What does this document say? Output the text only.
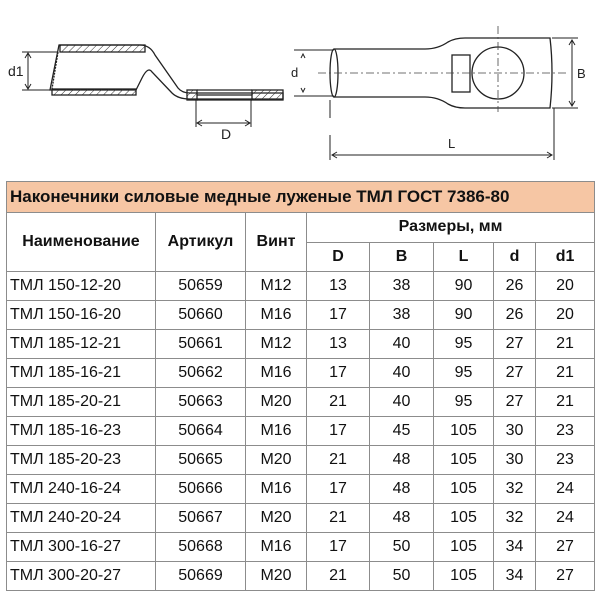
d1
D
d	B
L
Наконечники силовые медные луженые ТМЛ ГОСТ 7386-80							
Наименование	Артикул	Винт	Размеры, мм				
			D	B	L	d	d1
ТМЛ 150-12-20	50659	М12	13	38	90	26	20
ТМЛ 150-16-20	50660	М16	17	38	90	26	20
ТМЛ 185-12-21	50661	М12	13	40	95	27	21
ТМЛ 185-16-21	50662	М16	17	40	95	27	21
ТМЛ 185-20-21	50663	М20	21	40	95	27	21
ТМЛ 185-16-23	50664	М16	17	45	105	30	23
ТМЛ 185-20-23	50665	М20	21	48	105	30	23
ТМЛ 240-16-24	50666	М16	17	48	105	32	24
ТМЛ 240-20-24	50667	М20	21	48	105	32	24
ТМЛ 300-16-27	50668	М16	17	50	105	34	27
ТМЛ 300-20-27	50669	М20	21	50	105	34	27
